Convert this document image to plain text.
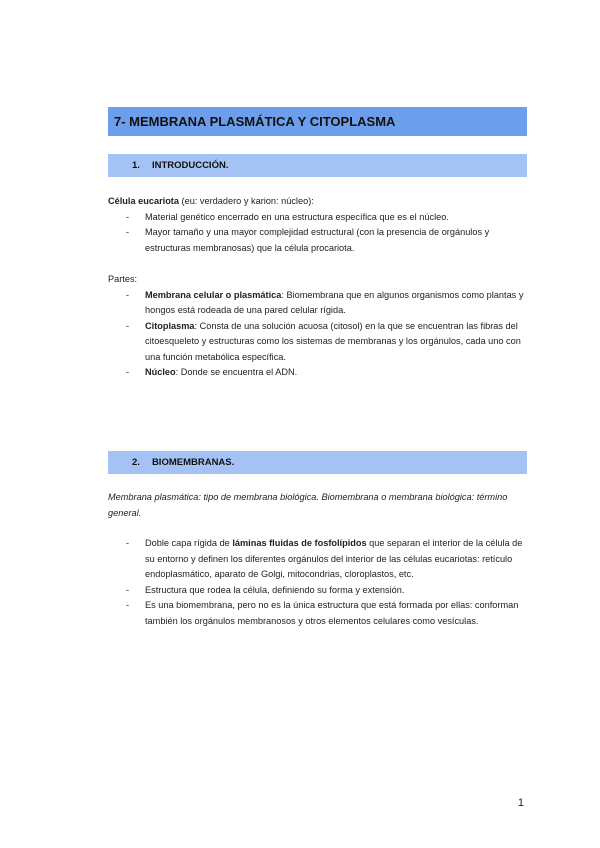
7- MEMBRANA PLASMÁTICA Y CITOPLASMA
1. INTRODUCCIÓN.

Célula eucariota (eu: verdadero y karion: núcleo):

- Material genético encerrado en una estructura específica que es el núcleo.
- Mayor tamaño y una mayor complejidad estructural (con la presencia de orgánulos y estructuras membranosas) que la célula procariota.

Partes:

- Membrana celular o plasmática: Biomembrana que en algunos organismos como plantas y hongos está rodeada de una pared celular rígida.
- Citoplasma: Consta de una solución acuosa (citosol) en la que se encuentran las fibras del citoesqueleto y estructuras como los sistemas de membranas y los orgánulos, cada uno con una función metabólica específica.
- Núcleo: Donde se encuentra el ADN.
2. BIOMEMBRANAS.

Membrana plasmática: tipo de membrana biológica. Biomembrana o membrana biológica: término general.

- Doble capa rígida de láminas fluidas de fosfolípidos que separan el interior de la célula de su entorno y definen los diferentes orgánulos del interior de las células eucariotas: retículo endoplasmático, aparato de Golgi, mitocondrias, cloroplastos, etc.
- Estructura que rodea la célula, definiendo su forma y extensión.
- Es una biomembrana, pero no es la única estructura que está formada por ellas: conforman también los orgánulos membranosos y otros elementos celulares como vesículas.
1
